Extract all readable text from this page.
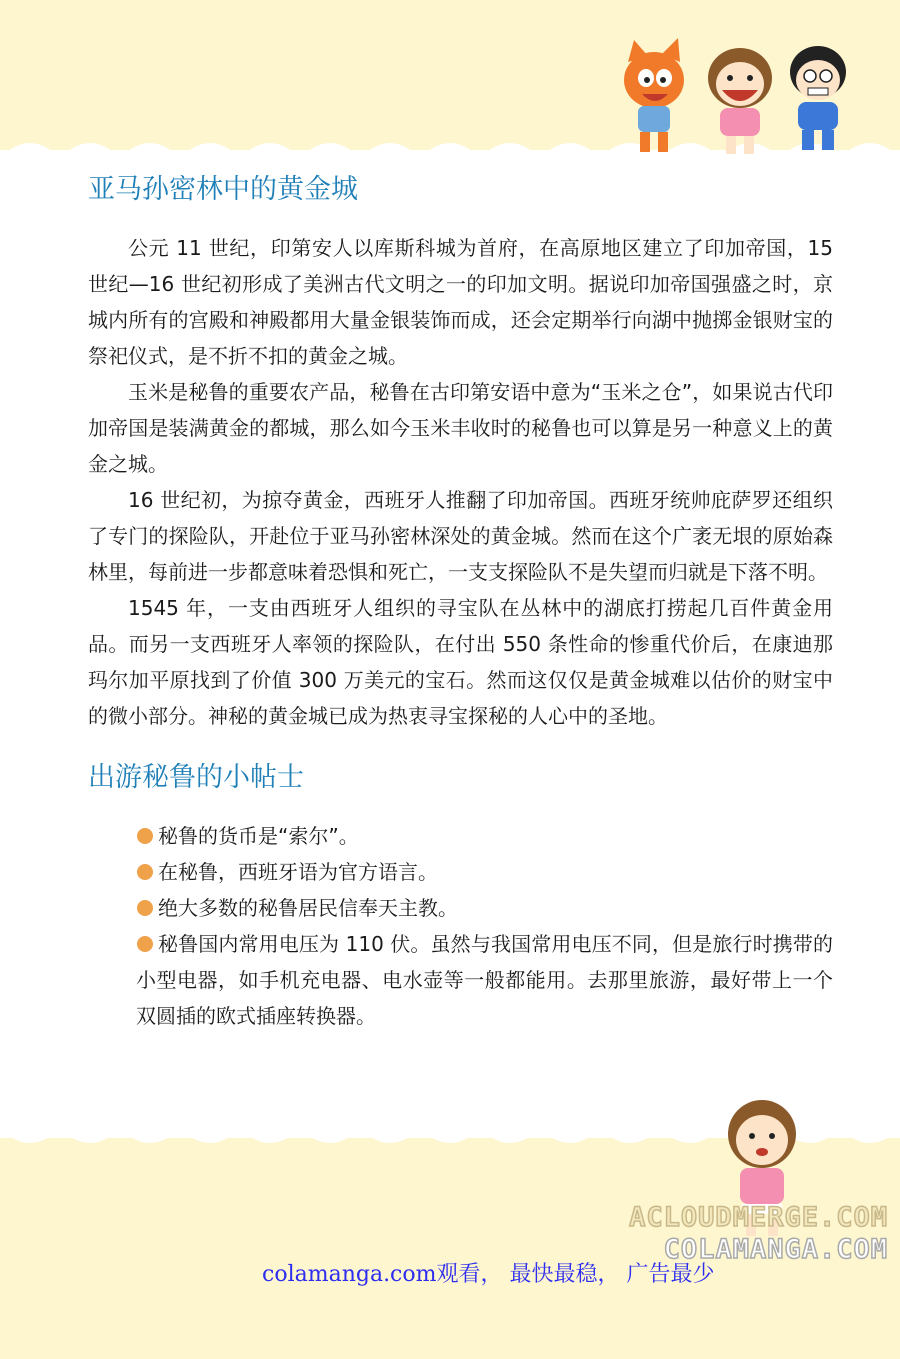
亚马孙密林中的黄金城

公元 11 世纪，印第安人以库斯科城为首府，在高原地区建立了印加帝国，15 世纪—16 世纪初形成了美洲古代文明之一的印加文明。据说印加帝国强盛之时，京城内所有的宫殿和神殿都用大量金银装饰而成，还会定期举行向湖中抛掷金银财宝的祭祀仪式，是不折不扣的黄金之城。

玉米是秘鲁的重要农产品，秘鲁在古印第安语中意为“玉米之仓”，如果说古代印加帝国是装满黄金的都城，那么如今玉米丰收时的秘鲁也可以算是另一种意义上的黄金之城。

16 世纪初，为掠夺黄金，西班牙人推翻了印加帝国。西班牙统帅庇萨罗还组织了专门的探险队，开赴位于亚马孙密林深处的黄金城。然而在这个广袤无垠的原始森林里，每前进一步都意味着恐惧和死亡，一支支探险队不是失望而归就是下落不明。

1545 年，一支由西班牙人组织的寻宝队在丛林中的湖底打捞起几百件黄金用品。而另一支西班牙人率领的探险队，在付出 550 条性命的惨重代价后，在康迪那玛尔加平原找到了价值 300 万美元的宝石。然而这仅仅是黄金城难以估价的财宝中的微小部分。神秘的黄金城已成为热衷寻宝探秘的人心中的圣地。

出游秘鲁的小帖士

秘鲁的货币是“索尔”。

在秘鲁，西班牙语为官方语言。

绝大多数的秘鲁居民信奉天主教。

秘鲁国内常用电压为 110 伏。虽然与我国常用电压不同，但是旅行时携带的小型电器，如手机充电器、电水壶等一般都能用。去那里旅游，最好带上一个双圆插的欧式插座转换器。

ACLOUDMERGE.COM
COLAMANGA.COM
colamanga.com观看， 最快最稳， 广告最少
